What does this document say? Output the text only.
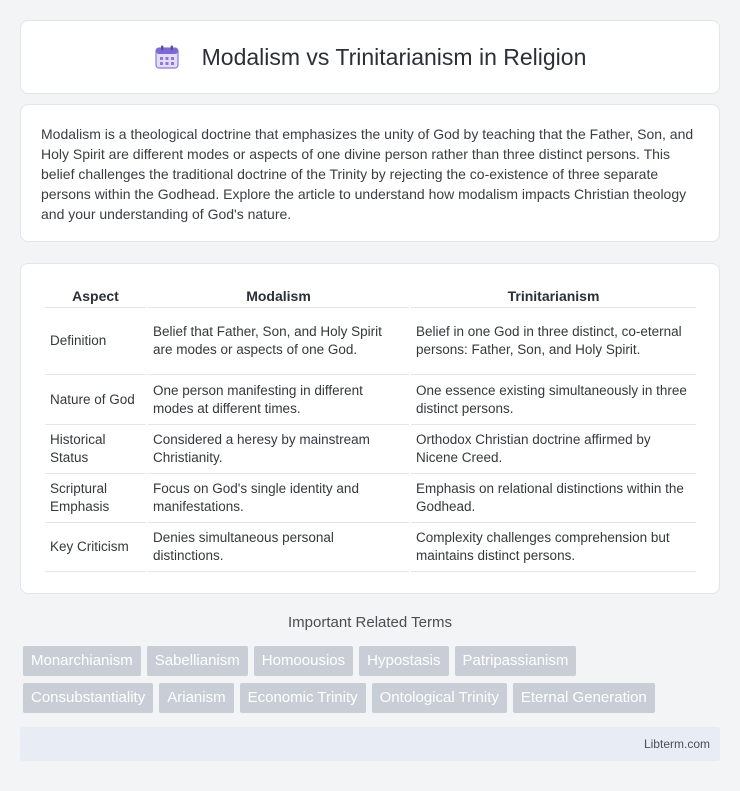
Modalism vs Trinitarianism in Religion

Modalism is a theological doctrine that emphasizes the unity of God by teaching that the Father, Son, and Holy Spirit are different modes or aspects of one divine person rather than three distinct persons. This belief challenges the traditional doctrine of the Trinity by rejecting the co-existence of three separate persons within the Godhead. Explore the article to understand how modalism impacts Christian theology and your understanding of God's nature.

Aspect	Modalism	Trinitarianism
Definition	Belief that Father, Son, and Holy Spirit are modes or aspects of one God.	Belief in one God in three distinct, co-eternal persons: Father, Son, and Holy Spirit.
Nature of God	One person manifesting in different modes at different times.	One essence existing simultaneously in three distinct persons.
Historical Status	Considered a heresy by mainstream Christianity.	Orthodox Christian doctrine affirmed by Nicene Creed.
Scriptural Emphasis	Focus on God's single identity and manifestations.	Emphasis on relational distinctions within the Godhead.
Key Criticism	Denies simultaneous personal distinctions.	Complexity challenges comprehension but maintains distinct persons.
Important Related Terms
Monarchianism	Sabellianism	Homoousios	Hypostasis	Patripassianism
Consubstantiality	Arianism	Economic Trinity	Ontological Trinity	Eternal Generation
Libterm.com
